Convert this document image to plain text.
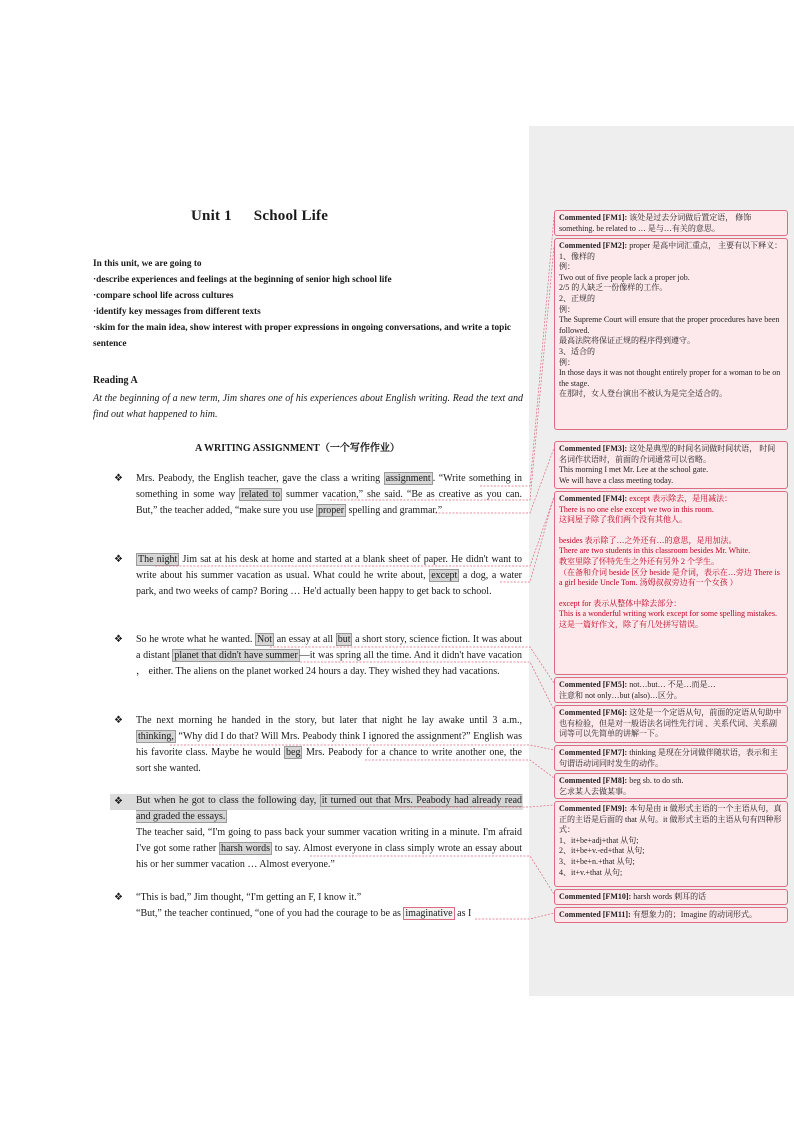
Unit 1 School Life
In this unit, we are going to
·describe experiences and feelings at the beginning of senior high school life
·compare school life across cultures
·identify key messages from different texts
·skim for the main idea, show interest with proper expressions in ongoing conversations, and write a topic sentence
Reading A
At the beginning of a new term, Jim shares one of his experiences about English writing. Read the text and find out what happened to him.
A WRITING ASSIGNMENT（一个写作作业）
❖ Mrs. Peabody, the English teacher, gave the class a writing assignment . “Write something in something in some way related to summer vacation,” she said. “Be as creative as you can. But,” the teacher added, “make sure you use proper spelling and grammar.”
❖ The night Jim sat at his desk at home and started at a blank sheet of paper. He didn't want to write about his summer vacation as usual. What could he write about, except a dog, a water park, and two weeks of camp? Boring … He'd actually been happy to get back to school.
❖ So he wrote what he wanted. Not an essay at all but a short story, science fiction. It was about a distant planet that didn't have summer —it was spring all the time. And it didn't have vacation ， either. The aliens on the planet worked 24 hours a day. They wished they had vacations.
❖ The next morning he handed in the story, but later that night he lay awake until 3 a.m., thinking, “Why did I do that? Will Mrs. Peabody think I ignored the assignment?” English was his favorite class. Maybe he would beg Mrs. Peabody for a chance to write another one, the sort she wanted.
❖ But when he got to class the following day, it turned out that Mrs. Peabody had already read and graded the essays.
The teacher said, “I'm going to pass back your summer vacation writing in a minute. I'm afraid I've got some rather harsh words to say. Almost everyone in class simply wrote an essay about his or her summer vacation … Almost everyone.”
❖ “This is bad,” Jim thought, “I'm getting an F, I know it.”
“But,” the teacher continued, “one of you had the courage to be as imaginative as I
Commented [FM1]: 该处是过去分词做后置定语， 修饰 something. be related to … 是与…有关的意思。
Commented [FM2]: proper 是高中词汇重点， 主要有以下释义：

1、像样的

例：

Two out of five people lack a proper job.

2/5 的人缺乏一份像样的工作。

2、正规的

例：

The Supreme Court will ensure that the proper procedures have been followed.

最高法院将保证正规的程序得到遵守。

3、适合的

例：

In those days it was not thought entirely proper for a woman to be on the stage.

在那时，女人登台演出不被认为是完全适合的。

Commented [FM3]: 这处是典型的时间名词做时间状语， 时间名词作状语时，前面的介词通常可以省略。

This morning I met Mr. Lee at the school gate.

We will have a class meeting today.

Commented [FM4]: except 表示除去，是用减法：

There is no one else except we two in this room.

这间屋子除了我们两个没有其他人。

besides 表示除了…之外还有…的意思，是用加法。

There are two students in this classroom besides Mr. White.

教室里除了怀特先生之外还有另外 2 个学生。

（在备和介词 beside 区分 beside 是介词，表示在…旁边 There is a girl beside Uncle Tom. 汤姆叔叔旁边有一个女孩 ）

except for 表示从整体中除去部分：

This is a wonderful writing work except for some spelling mistakes.

这是一篇好作文，除了有几处拼写错误。

Commented [FM5]: not…but… 不是…而是…

注意和 not only…but (also)…区分。

Commented [FM6]: 这处是一个定语从句，前面的定语从句助中也有检验，但是对一般语法名词性先行词 、关系代词、关系副词等可以先简单的讲解一下。
Commented [FM7]: thinking 是现在分词做伴随状语，表示和主句谓语动词同时发生的动作。
Commented [FM8]: beg sb. to do sth.

乞求某人去做某事。

Commented [FM9]: 本句是由 it 做形式主语的一个主语从句，真正的主语是后面的 that 从句。it 做形式主语的主语从句有四种形式：

1、it+be+adj+that 从句;

2、it+be+v.-ed+that 从句;

3、it+be+n.+that 从句;

4、it+v.+that 从句;

Commented [FM10]: harsh words 刺耳的话
Commented [FM11]: 有想象力的；Imagine 的动词形式。
